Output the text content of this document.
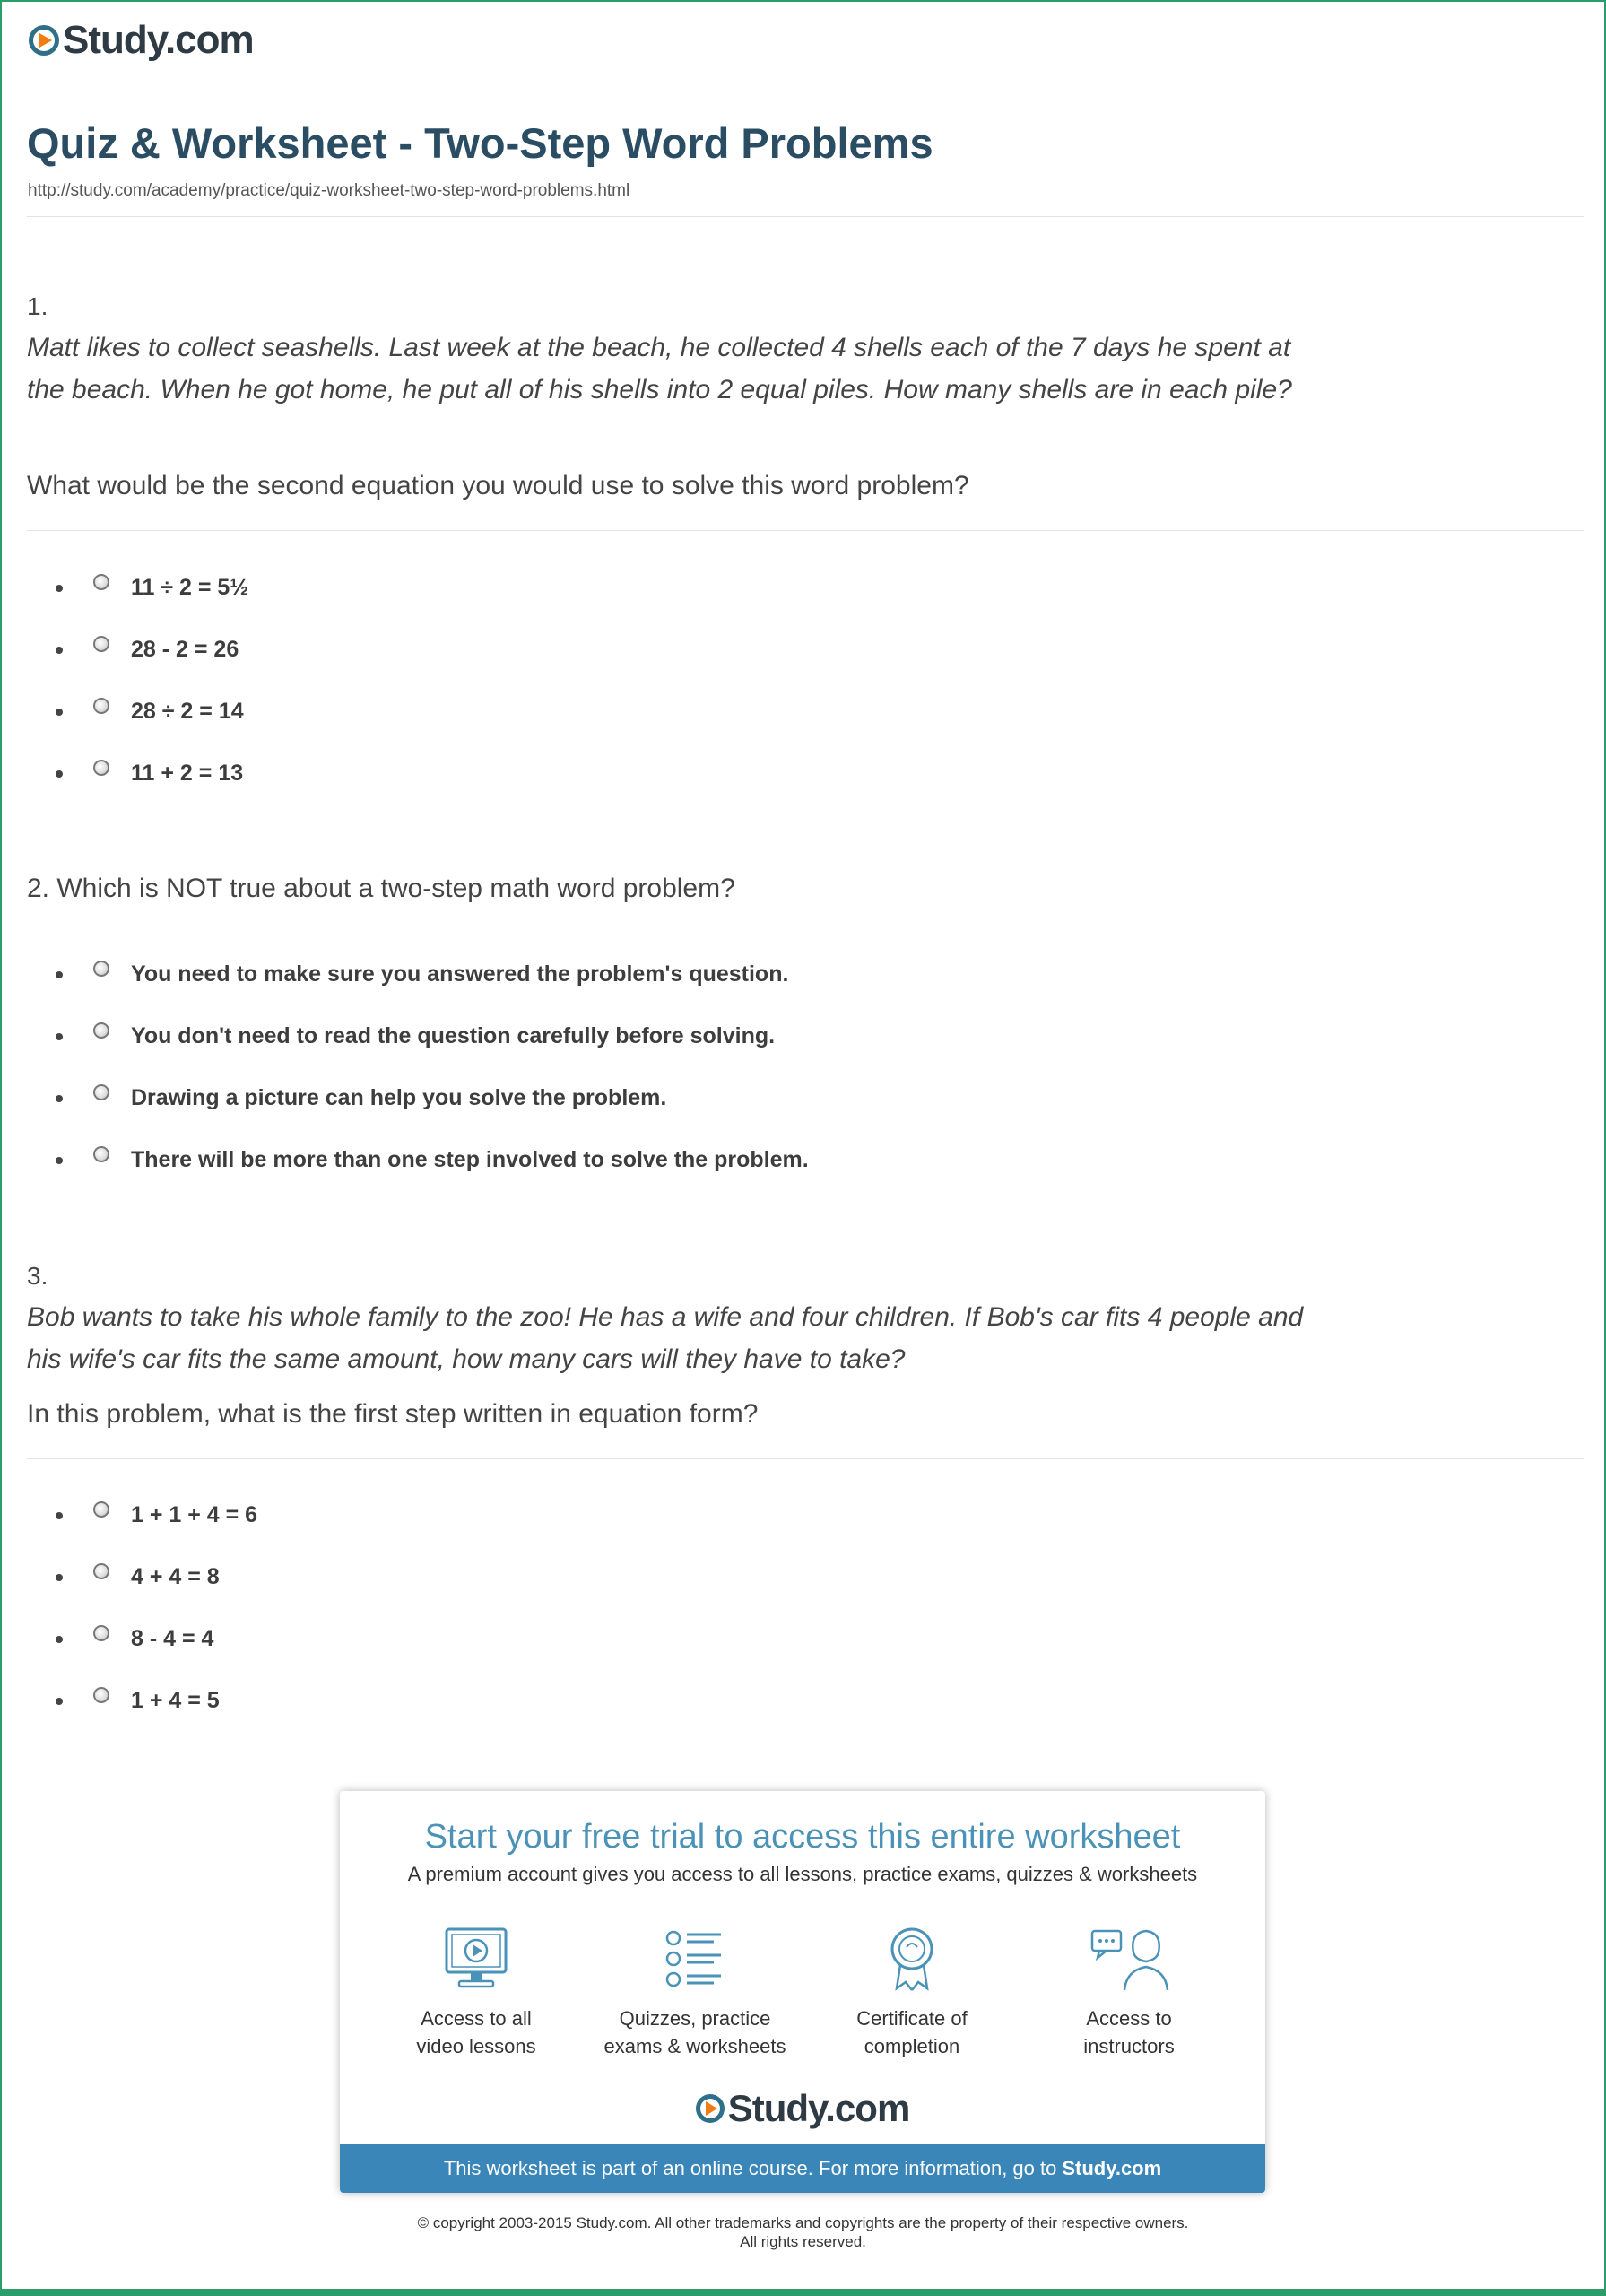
Study.com
Quiz & Worksheet - Two-Step Word Problems
http://study.com/academy/practice/quiz-worksheet-two-step-word-problems.html
1.
Matt likes to collect seashells. Last week at the beach, he collected 4 shells each of the 7 days he spent at the beach. When he got home, he put all of his shells into 2 equal piles. How many shells are in each pile?
What would be the second equation you would use to solve this word problem?
11 ÷ 2 = 5½
28 - 2 = 26
28 ÷ 2 = 14
11 + 2 = 13
2. Which is NOT true about a two-step math word problem?
You need to make sure you answered the problem's question.
You don't need to read the question carefully before solving.
Drawing a picture can help you solve the problem.
There will be more than one step involved to solve the problem.
3.
Bob wants to take his whole family to the zoo! He has a wife and four children. If Bob's car fits 4 people and his wife's car fits the same amount, how many cars will they have to take?
In this problem, what is the first step written in equation form?
1 + 1 + 4 = 6
4 + 4 = 8
8 - 4 = 4
1 + 4 = 5
Start your free trial to access this entire worksheet
A premium account gives you access to all lessons, practice exams, quizzes & worksheets
Access to all
video lessons
Quizzes, practice
exams & worksheets
Certificate of
completion
Access to
instructors
Study.com
This worksheet is part of an online course. For more information, go to Study.com
© copyright 2003-2015 Study.com. All other trademarks and copyrights are the property of their respective owners.
All rights reserved.
